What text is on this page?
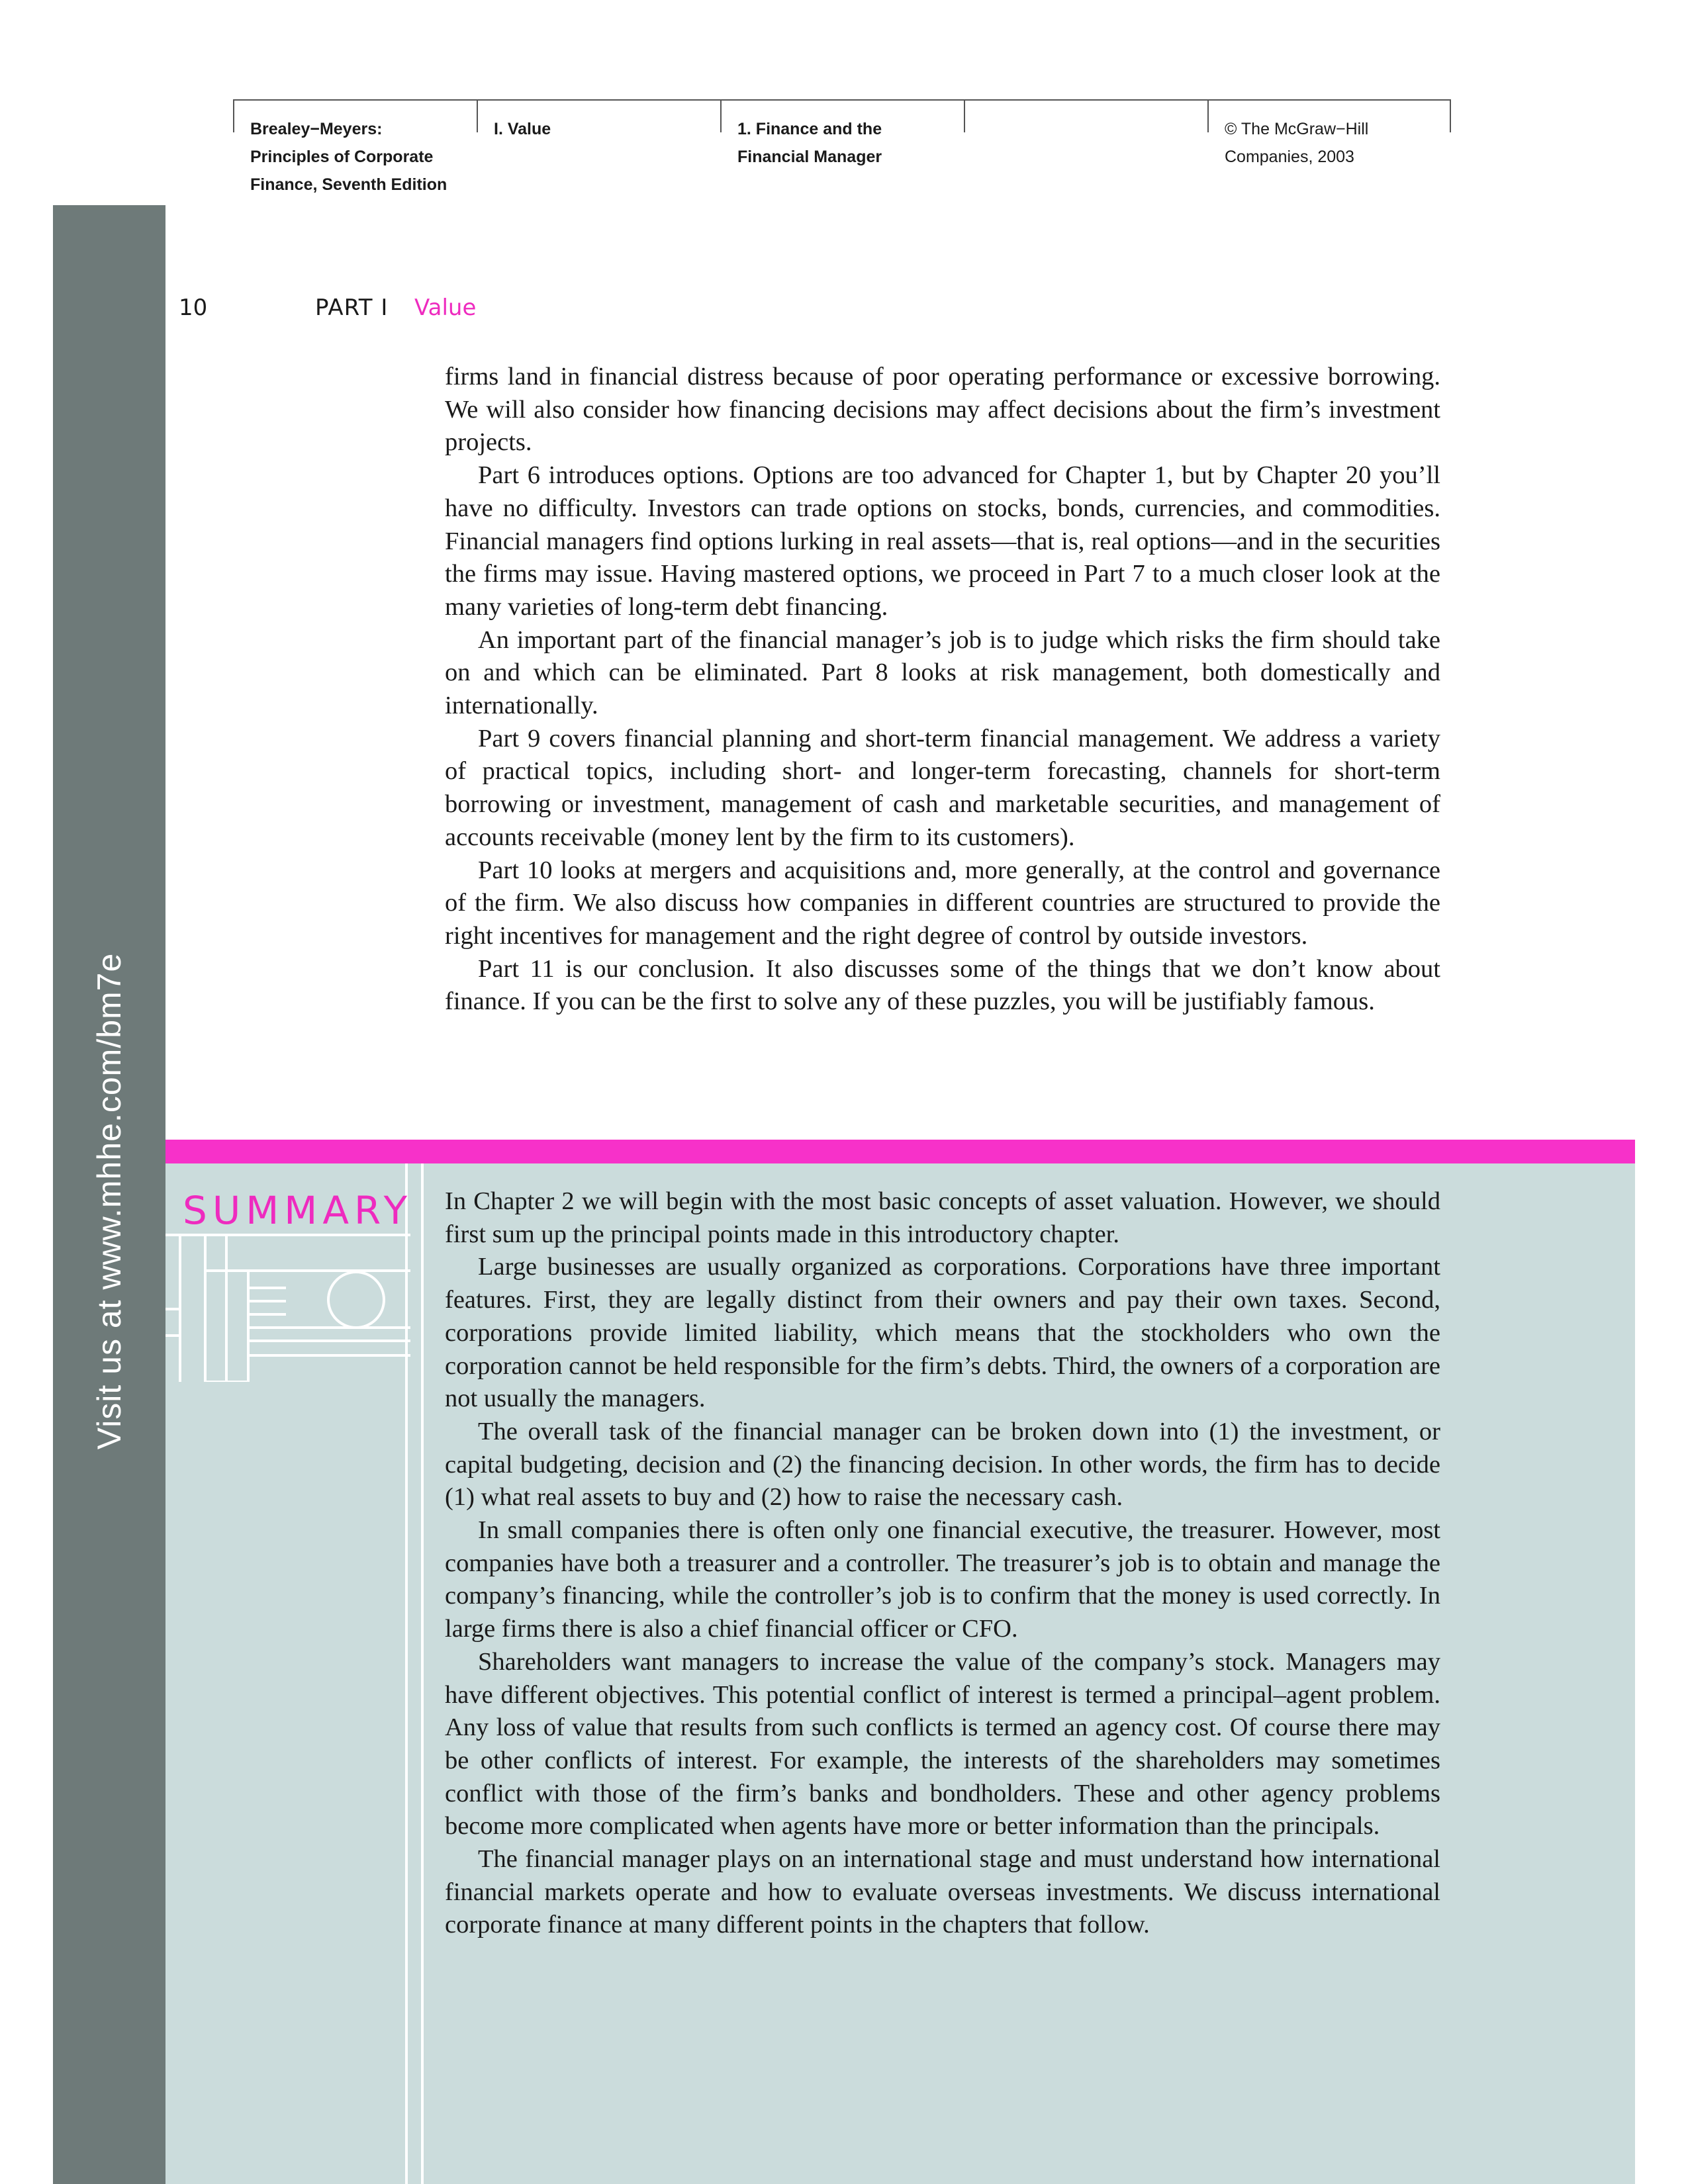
Brealey−Meyers:
Principles of Corporate
Finance, Seventh Edition
I. Value	1. Finance and the
Financial Manager
© The McGraw−Hill
Companies, 2003
Visit us at www.mhhe.com/bm7e
10	PART I Value

firms land in financial distress because of poor operating performance or excessive borrowing. We will also consider how financing decisions may affect decisions about the firm’s investment projects.

Part 6 introduces options. Options are too advanced for Chapter 1, but by Chapter 20 you’ll have no difficulty. Investors can trade options on stocks, bonds, currencies, and commodities. Financial managers find options lurking in real assets—that is, real options—and in the securities the firms may issue. Having mastered options, we proceed in Part 7 to a much closer look at the many varieties of long-term debt financing.

An important part of the financial manager’s job is to judge which risks the firm should take on and which can be eliminated. Part 8 looks at risk management, both domestically and internationally.

Part 9 covers financial planning and short-term financial management. We address a variety of practical topics, including short- and longer-term forecasting, channels for short-term borrowing or investment, management of cash and marketable securities, and management of accounts receivable (money lent by the firm to its customers).

Part 10 looks at mergers and acquisitions and, more generally, at the control and governance of the firm. We also discuss how companies in different countries are structured to provide the right incentives for management and the right degree of control by outside investors.

Part 11 is our conclusion. It also discusses some of the things that we don’t know about finance. If you can be the first to solve any of these puzzles, you will be justifiably famous.

SUMMARY In Chapter 2 we will begin with the most basic concepts of asset valuation. However, we should first sum up the principal points made in this introductory chapter.

Large businesses are usually organized as corporations. Corporations have three important features. First, they are legally distinct from their owners and pay their own taxes. Second, corporations provide limited liability, which means that the stockholders who own the corporation cannot be held responsible for the firm’s debts. Third, the owners of a corporation are not usually the managers.

The overall task of the financial manager can be broken down into (1) the investment, or capital budgeting, decision and (2) the financing decision. In other words, the firm has to decide (1) what real assets to buy and (2) how to raise the necessary cash.

In small companies there is often only one financial executive, the treasurer. However, most companies have both a treasurer and a controller. The treasurer’s job is to obtain and manage the company’s financing, while the controller’s job is to confirm that the money is used correctly. In large firms there is also a chief financial officer or CFO.

Shareholders want managers to increase the value of the company’s stock. Managers may have different objectives. This potential conflict of interest is termed a principal–agent problem. Any loss of value that results from such conflicts is termed an agency cost. Of course there may be other conflicts of interest. For example, the interests of the shareholders may sometimes conflict with those of the firm’s banks and bondholders. These and other agency problems become more complicated when agents have more or better information than the principals.

The financial manager plays on an international stage and must understand how international financial markets operate and how to evaluate overseas investments. We discuss international corporate finance at many different points in the chapters that follow.
